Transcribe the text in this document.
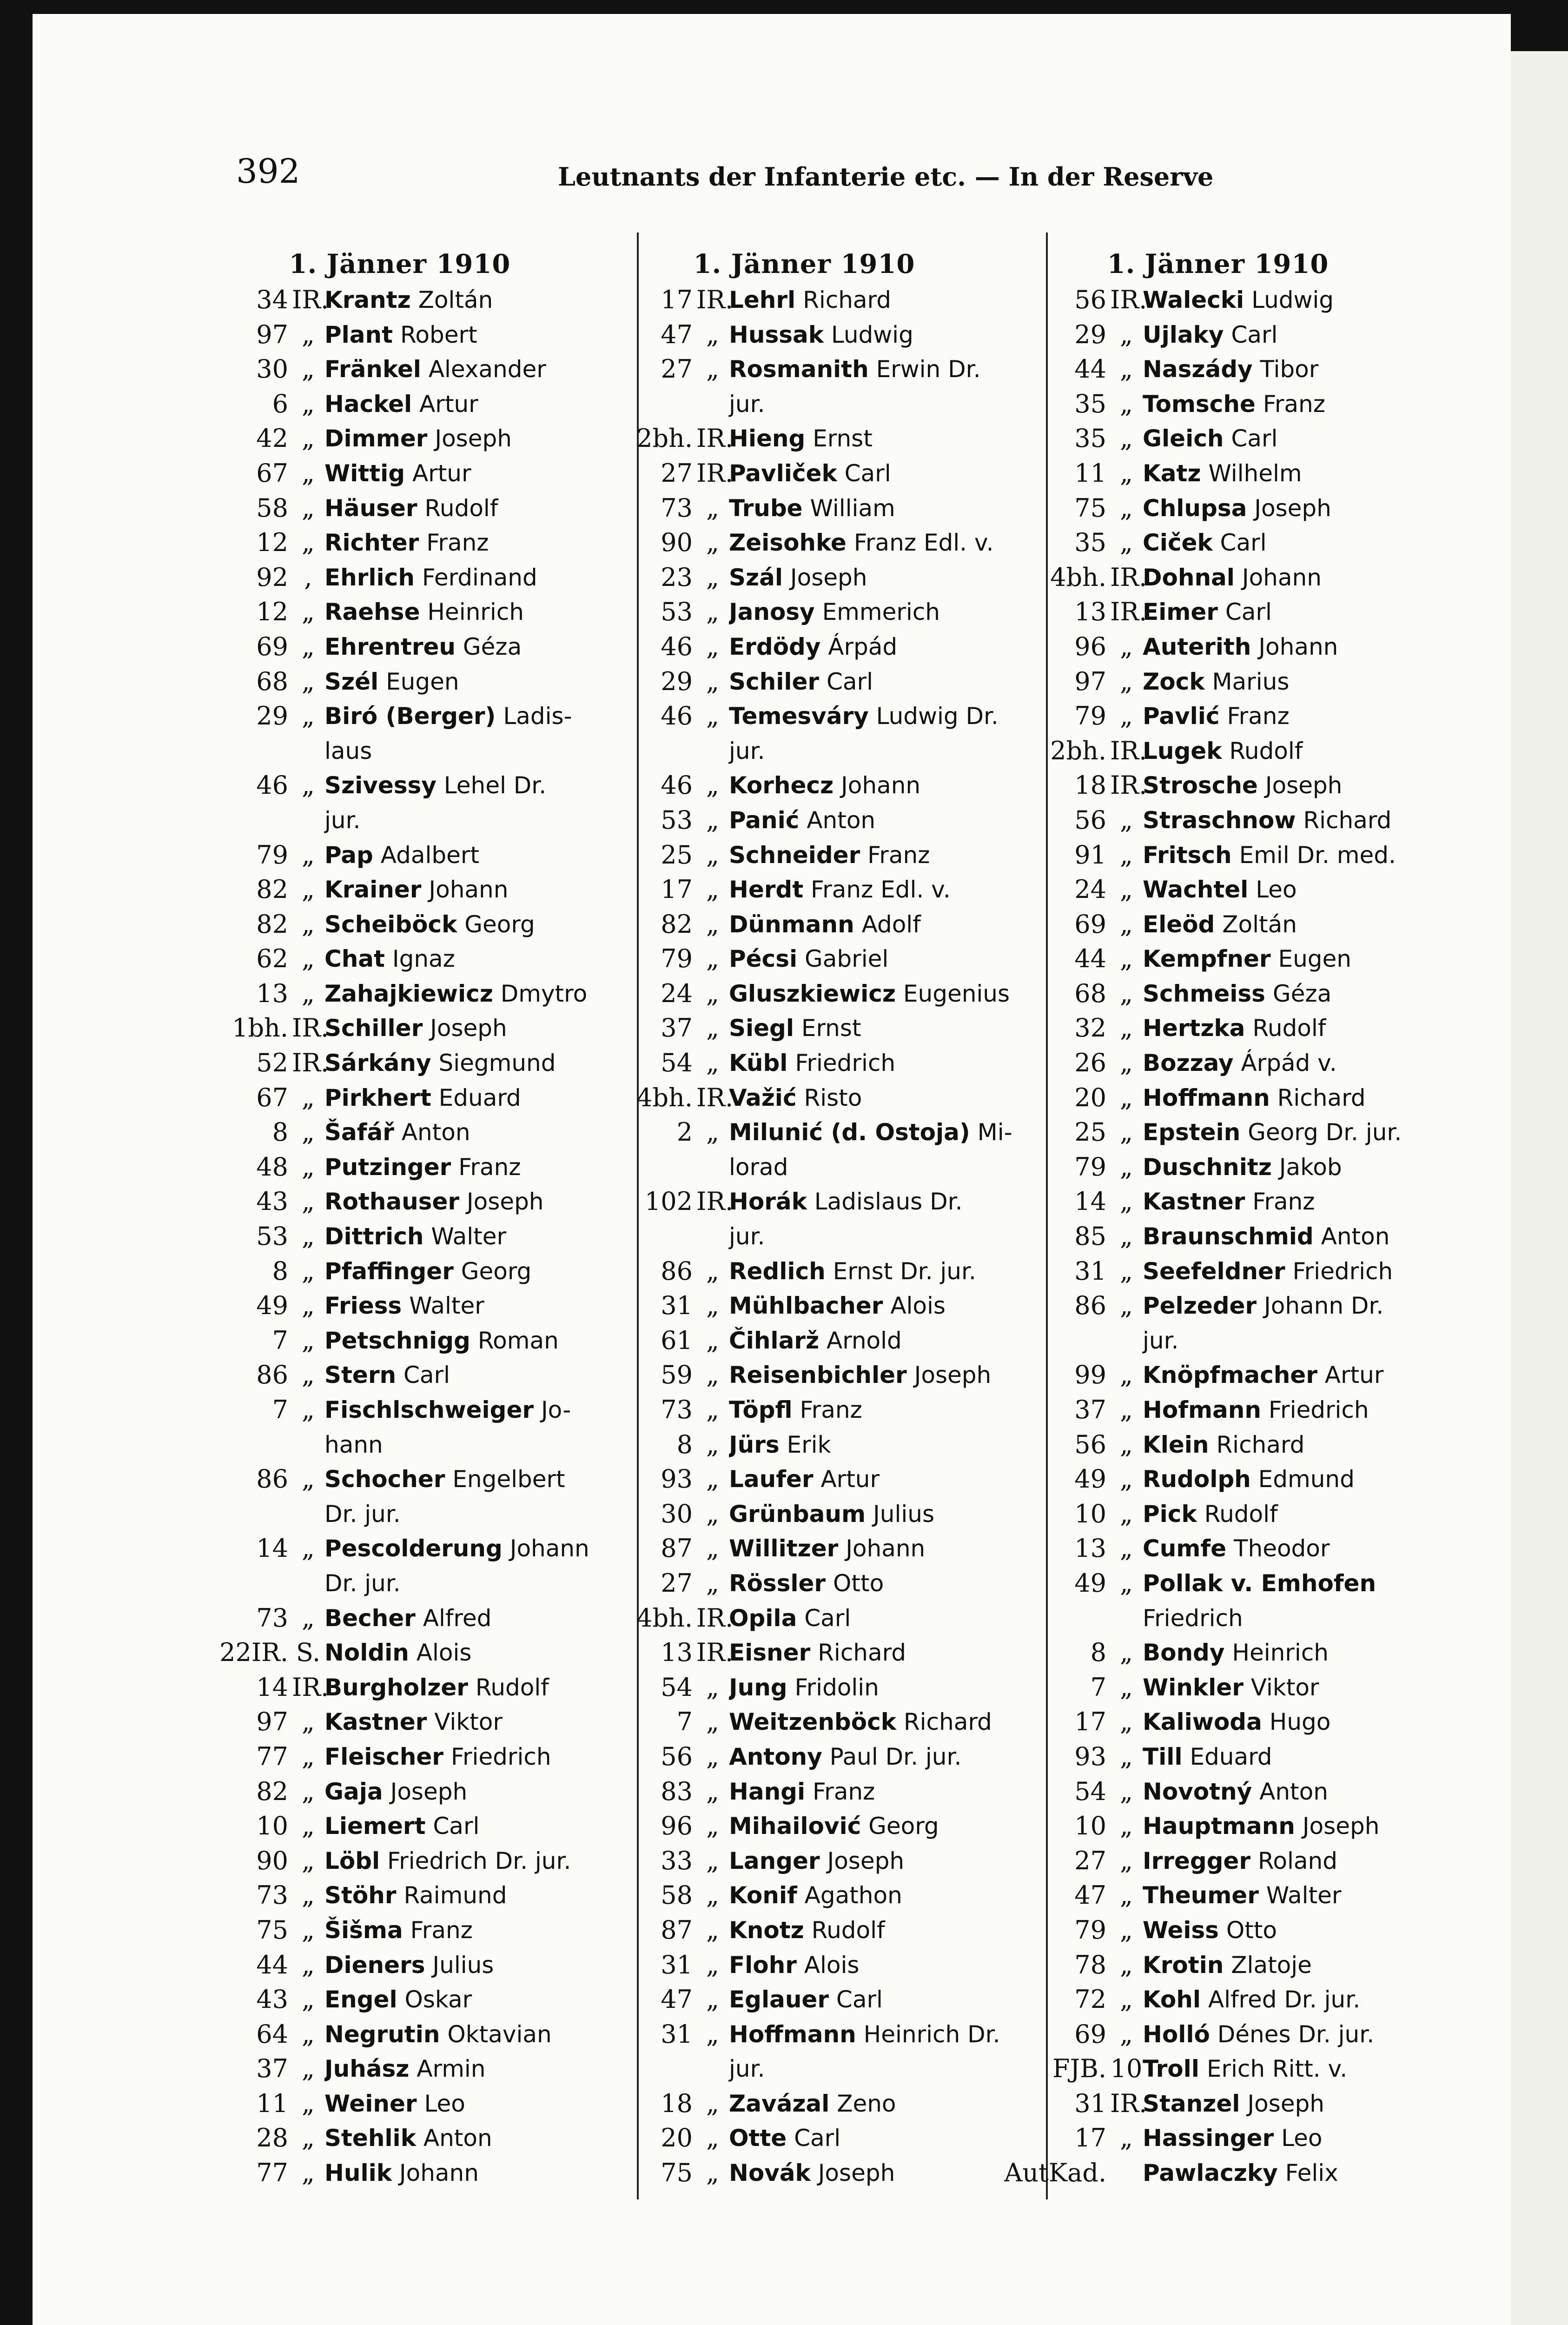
392	Leutnants der Infanterie etc. — In der Reserve
1. Jänner 1910
34 IR.
Krantz Zoltán
97 „ Plant Robert
30 „ Fränkel Alexander
6 „ Hackel Artur
42 „ Dimmer Joseph
67 „ Wittig Artur
58 „ Häuser Rudolf
12 „ Richter Franz
92 , Ehrlich Ferdinand
12 „ Raehse Heinrich
69 „ Ehrentreu Géza
68 „ Szél Eugen
29 „ Biró (Berger) Ladis-
laus
46 „ Szivessy Lehel Dr.
jur.
79 „ Pap Adalbert
82 „ Krainer Johann
82 „ Scheiböck Georg
62 „ Chat Ignaz
13 „ Zahajkiewicz Dmytro
1bh. IR.
Schiller Joseph
52 IR.
Sárkány Siegmund
67 „ Pirkhert Eduard
8 „ Šafář Anton
48 „ Putzinger Franz
43 „ Rothauser Joseph
53 „ Dittrich Walter
8 „ Pfaffinger Georg
49 „ Friess Walter
7 „ Petschnigg Roman
86 „ Stern Carl
7 „ Fischlschweiger Jo-
hann
86 „ Schocher Engelbert
Dr. jur.
14 „ Pescolderung Johann
Dr. jur.
73 „ Becher Alfred
22IR. S. Noldin Alois
14 IR.
Burgholzer Rudolf
97 „ Kastner Viktor
77 „ Fleischer Friedrich
82 „ Gaja Joseph
10 „ Liemert Carl
90 „ Löbl Friedrich Dr. jur.
73 „ Stöhr Raimund
75 „ Šišma Franz
44 „ Dieners Julius
43 „ Engel Oskar
64 „ Negrutin Oktavian
37 „ Juhász Armin
11 „ Weiner Leo
28 „ Stehlik Anton
77 „ Hulik Johann
1. Jänner 1910
17 IR.
Lehrl Richard
47 „ Hussak Ludwig
27 „ Rosmanith Erwin Dr.
jur.
2bh. IR.
Hieng Ernst
27 IR.
Pavliček Carl
73 „ Trube William
90 „ Zeisohke Franz Edl. v.
23 „ Szál Joseph
53 „ Janosy Emmerich
46 „ Erdödy Árpád
29 „ Schiler Carl
46 „ Temesváry Ludwig Dr.
jur.
46 „ Korhecz Johann
53 „ Panić Anton
25 „ Schneider Franz
17 „ Herdt Franz Edl. v.
82 „ Dünmann Adolf
79 „ Pécsi Gabriel
24 „ Gluszkiewicz Eugenius
37 „ Siegl Ernst
54 „ Kübl Friedrich
4bh. IR.
Važić Risto
2 „ Milunić (d. Ostoja) Mi-
lorad
102 IR.
Horák Ladislaus Dr.
jur.
86 „ Redlich Ernst Dr. jur.
31 „ Mühlbacher Alois
61 „ Čihlarž Arnold
59 „ Reisenbichler Joseph
73 „ Töpfl Franz
8 „ Jürs Erik
93 „ Laufer Artur
30 „ Grünbaum Julius
87 „ Willitzer Johann
27 „ Rössler Otto
4bh. IR.
Opila Carl
13 IR.
Eisner Richard
54 „ Jung Fridolin
7 „ Weitzenböck Richard
56 „ Antony Paul Dr. jur.
83 „ Hangi Franz
96 „ Mihailović Georg
33 „ Langer Joseph
58 „ Konif Agathon
87 „ Knotz Rudolf
31 „ Flohr Alois
47 „ Eglauer Carl
31 „ Hoffmann Heinrich Dr.
jur.
18 „ Zavázal Zeno
20 „ Otte Carl
75 „ Novák Joseph
1. Jänner 1910
56 IR.
Walecki Ludwig
29 „ Ujlaky Carl
44 „ Naszády Tibor
35 „ Tomsche Franz
35 „ Gleich Carl
11 „ Katz Wilhelm
75 „ Chlupsa Joseph
35 „ Ciček Carl
4bh. IR.
Dohnal Johann
13 IR.
Eimer Carl
96 „ Auterith Johann
97 „ Zock Marius
79 „ Pavlić Franz
2bh. IR.
Lugek Rudolf
18 IR.
Strosche Joseph
56 „ Straschnow Richard
91 „ Fritsch Emil Dr. med.
24 „ Wachtel Leo
69 „ Eleöd Zoltán
44 „ Kempfner Eugen
68 „ Schmeiss Géza
32 „ Hertzka Rudolf
26 „ Bozzay Árpád v.
20 „ Hoffmann Richard
25 „ Epstein Georg Dr. jur.
79 „ Duschnitz Jakob
14 „ Kastner Franz
85 „ Braunschmid Anton
31 „ Seefeldner Friedrich
86 „ Pelzeder Johann Dr.
jur.
99 „ Knöpfmacher Artur
37 „ Hofmann Friedrich
56 „ Klein Richard
49 „ Rudolph Edmund
10 „ Pick Rudolf
13 „ Cumfe Theodor
49 „ Pollak v. Emhofen
Friedrich
8 „ Bondy Heinrich
7 „ Winkler Viktor
17 „ Kaliwoda Hugo
93 „ Till Eduard
54 „ Novotný Anton
10 „ Hauptmann Joseph
27 „ Irregger Roland
47 „ Theumer Walter
79 „ Weiss Otto
78 „ Krotin Zlatoje
72 „ Kohl Alfred Dr. jur.
69 „ Holló Dénes Dr. jur.
FJB. 10 Troll Erich Ritt. v.
31 IR.
Stanzel Joseph
17 „ Hassinger Leo
AutKad. Pawlaczky Felix
